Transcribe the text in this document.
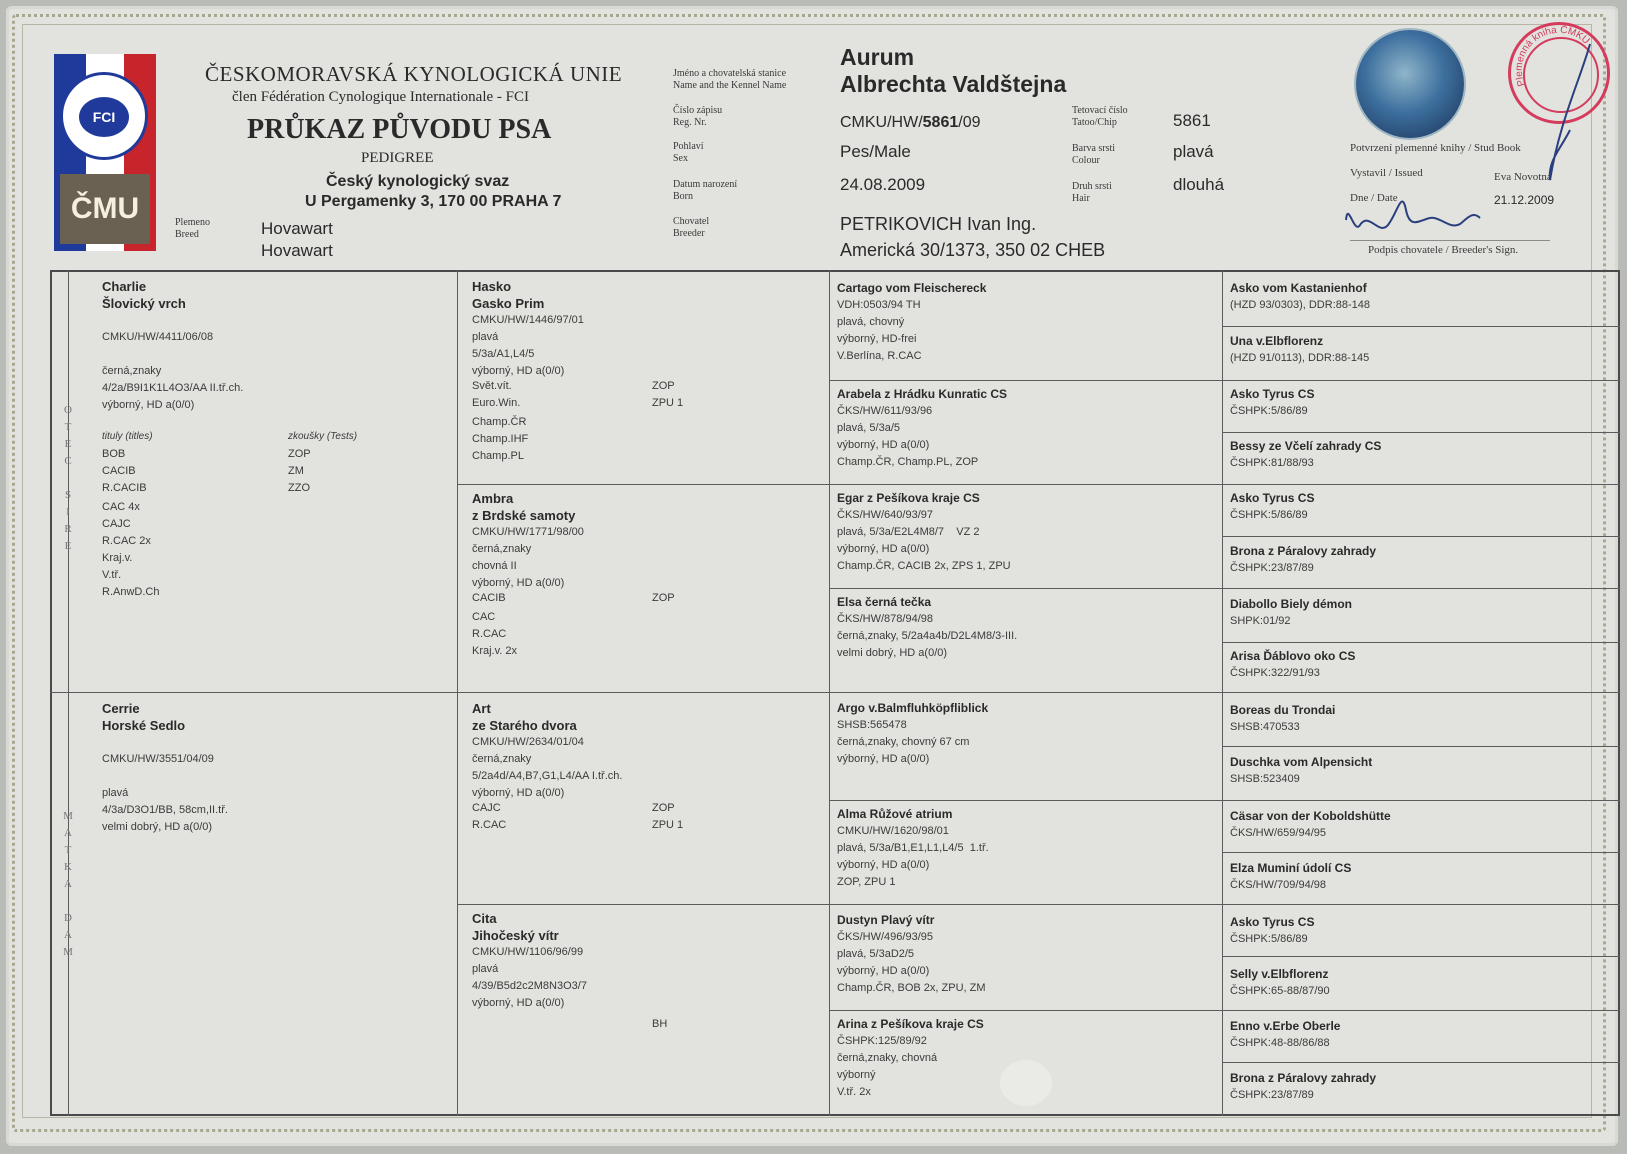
FCI
ČMU
ČESKOMORAVSKÁ KYNOLOGICKÁ UNIE
člen Fédération Cynologique Internationale - FCI
PRŮKAZ PŮVODU PSA
PEDIGREE
Český kynologický svaz
U Pergamenky 3, 170 00 PRAHA 7
Plemeno
Breed	Hovawart
Hovawart
Jméno a chovatelská stanice
Name and the Kennel Name
Aurum
Albrechta Valdštejna
Číslo zápisu
Reg. Nr.	CMKU/HW/5861/09
Pohlaví
Sex	Pes/Male
Datum narození
Born
24.08.2009
Chovatel
Breeder	PETRIKOVICH Ivan Ing.
Americká 30/1373, 350 02 CHEB
Tetovací číslo
Tatoo/Chip	5861
Barva srsti
Colour	plavá
Druh srsti
Hair
dlouhá
Plemenná kniha ČMKU
Potvrzení plemenné knihy / Stud Book
Vystavil / Issued	Eva Novotná
Dne / Date	21.12.2009
Podpis chovatele / Breeder's Sign.
O
T
E
C
S
I
R
E
M
A
T
K
A
D
A
M
Charlie
Šlovický vrch
CMKU/HW/4411/06/08
černá,znaky
4/2a/B9I1K1L4O3/AA II.tř.ch.
výborný, HD a(0/0)
tituly (titles)	zkoušky (Tests)
BOB	ZOP
CACIB	ZM
R.CACIB	ZZO
CAC 4x
CAJC
R.CAC 2x
Kraj.v.
V.tř.
R.AnwD.Ch
Cerrie
Horské Sedlo
CMKU/HW/3551/04/09
plavá
4/3a/D3O1/BB, 58cm,II.tř.
velmi dobrý, HD a(0/0)
Hasko
Gasko Prim
CMKU/HW/1446/97/01
plavá
5/3a/A1,L4/5
výborný, HD a(0/0)
Svět.vít.	ZOP
Euro.Win.	ZPU 1
Champ.ČR
Champ.IHF
Champ.PL
Ambra
z Brdské samoty
CMKU/HW/1771/98/00
černá,znaky
chovná II
výborný, HD a(0/0)
CACIB	ZOP
CAC
R.CAC
Kraj.v. 2x
Art
ze Starého dvora
CMKU/HW/2634/01/04
černá,znaky
5/2a4d/A4,B7,G1,L4/AA I.tř.ch.
výborný, HD a(0/0)
CAJC	ZOP
R.CAC	ZPU 1
Cita
Jihočeský vítr
CMKU/HW/1106/96/99
plavá
4/39/B5d2c2M8N3O3/7
výborný, HD a(0/0)
BH
Cartago vom Fleischereck
VDH:0503/94 TH
plavá, chovný
výborný, HD-frei
V.Berlína, R.CAC
Arabela z Hrádku Kunratic CS
ČKS/HW/611/93/96
plavá, 5/3a/5
výborný, HD a(0/0)
Champ.ČR, Champ.PL, ZOP
Egar z Pešíkova kraje CS
ČKS/HW/640/93/97
plavá, 5/3a/E2L4M8/7    VZ 2
výborný, HD a(0/0)
Champ.ČR, CACIB 2x, ZPS 1, ZPU
Elsa černá tečka
ČKS/HW/878/94/98
černá,znaky, 5/2a4a4b/D2L4M8/3-III.
velmi dobrý, HD a(0/0)
Argo v.Balmfluhköpfliblick
SHSB:565478
černá,znaky, chovný 67 cm
výborný, HD a(0/0)
Alma Růžové atrium
CMKU/HW/1620/98/01
plavá, 5/3a/B1,E1,L1,L4/5  1.tř.
výborný, HD a(0/0)
ZOP, ZPU 1
Dustyn Plavý vítr
ČKS/HW/496/93/95
plavá, 5/3aD2/5
výborný, HD a(0/0)
Champ.ČR, BOB 2x, ZPU, ZM
Arina z Pešíkova kraje CS
ČSHPK:125/89/92
černá,znaky, chovná
výborný
V.tř. 2x
Asko vom Kastanienhof
(HZD 93/0303), DDR:88-148
Una v.Elbflorenz
(HZD 91/0113), DDR:88-145
Asko Tyrus CS
ČSHPK:5/86/89
Bessy ze Včelí zahrady CS
ČSHPK:81/88/93
Asko Tyrus CS
ČSHPK:5/86/89
Brona z Páralovy zahrady
ČSHPK:23/87/89
Diabollo Biely démon
SHPK:01/92
Arisa Ďáblovo oko CS
ČSHPK:322/91/93
Boreas du Trondai
SHSB:470533
Duschka vom Alpensicht
SHSB:523409
Cäsar von der Koboldshütte
ČKS/HW/659/94/95
Elza Muminí údolí CS
ČKS/HW/709/94/98
Asko Tyrus CS
ČSHPK:5/86/89
Selly v.Elbflorenz
ČSHPK:65-88/87/90
Enno v.Erbe Oberle
ČSHPK:48-88/86/88
Brona z Páralovy zahrady
ČSHPK:23/87/89
